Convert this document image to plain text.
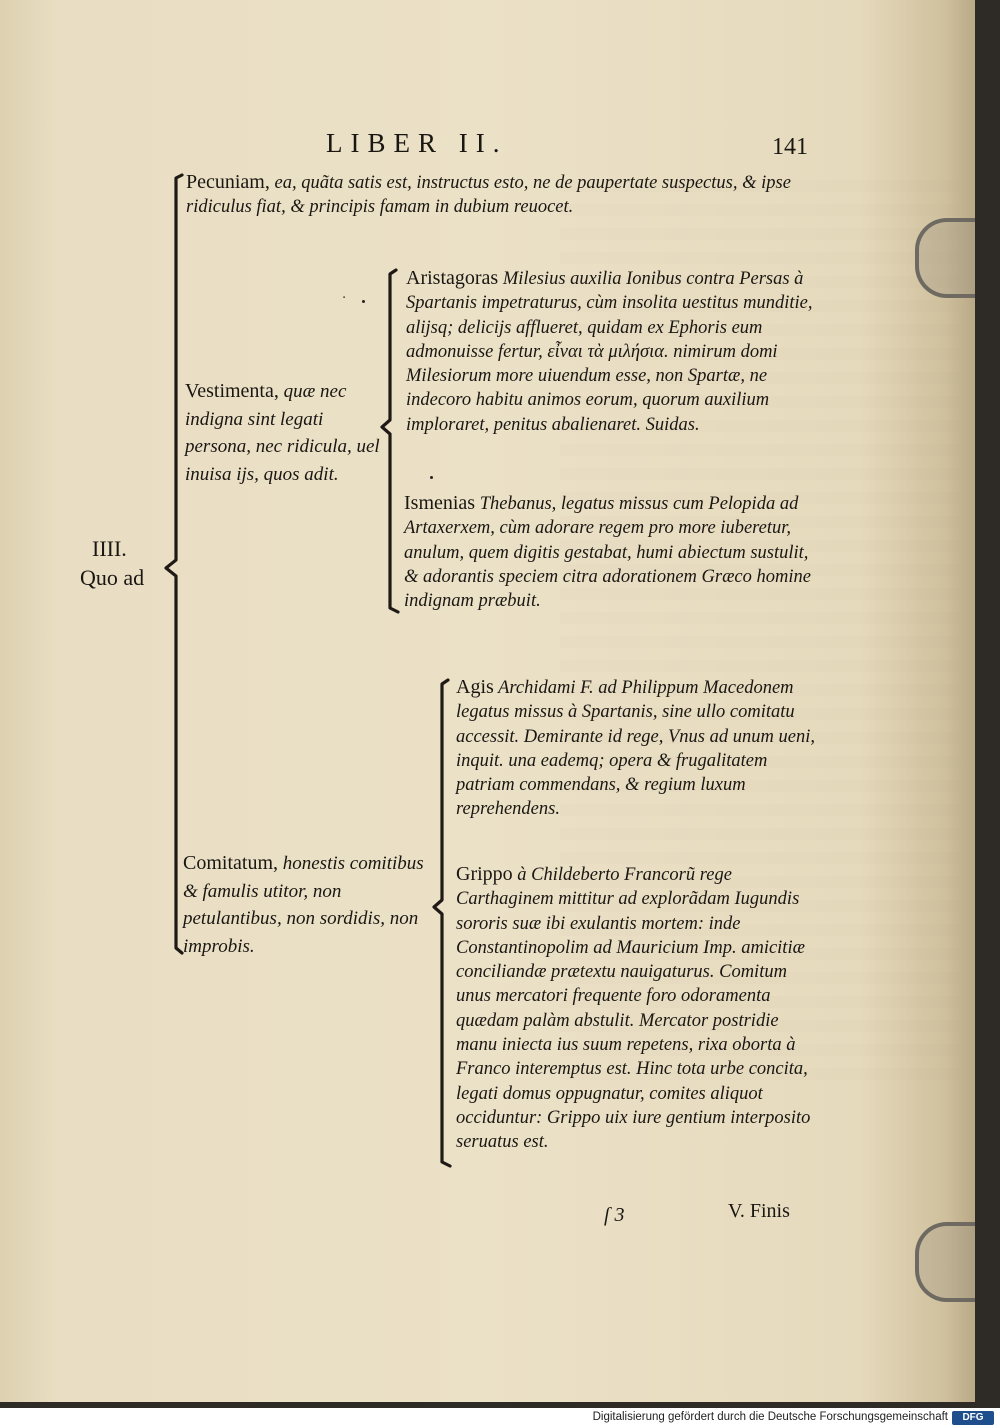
LIBER II.	141
Pecuniam, ea, quãta satis est, instructus esto, ne de paupertate suspectus, & ipse ridiculus fiat, & principis famam in dubium reuocet.
IIII.
Quo ad
Vestimenta, quæ nec indigna sint legati persona, nec ridicula, uel inuisa ijs, quos adit.
·
Aristagoras Milesius auxilia Ionibus contra Persas à Spartanis impetraturus, cùm insolita uestitus munditie, alijsq; delicijs afflueret, quidam ex Ephoris eum admonuisse fertur, εἶναι τὰ μιλήσια. nimirum domi Milesiorum more uiuendum esse, non Spartæ, ne indecoro habitu animos eorum, quorum auxilium imploraret, penitus abalienaret. Suidas.
Ismenias Thebanus, legatus missus cum Pelopida ad Artaxerxem, cùm adorare regem pro more iuberetur, anulum, quem digitis gestabat, humi abiectum sustulit, & adorantis speciem citra adorationem Græco homine indignam præbuit.
Comitatum, honestis comitibus & famulis utitor, non petulantibus, non sordidis, non improbis.
Agis Archidami F. ad Philippum Macedonem legatus missus à Spartanis, sine ullo comitatu accessit. Demirante id rege, Vnus ad unum ueni, inquit. una eademq; opera & frugalitatem patriam commendans, & regium luxum reprehendens.
Grippo à Childeberto Francorũ rege Carthaginem mittitur ad explorãdam Iugundis sororis suæ ibi exulantis mortem: inde Constantinopolim ad Mauricium Imp. amicitiæ conciliandæ prætextu nauigaturus. Comitum unus mercatori frequente foro odoramenta quædam palàm abstulit. Mercator postridie manu iniecta ius suum repetens, rixa oborta à Franco interemptus est. Hinc tota urbe concita, legati domus oppugnatur, comites aliquot occiduntur: Grippo uix iure gentium interposito seruatus est.
ſ 3	V. Finis
Digitalisierung gefördert durch die Deutsche Forschungsgemeinschaft	DFG
